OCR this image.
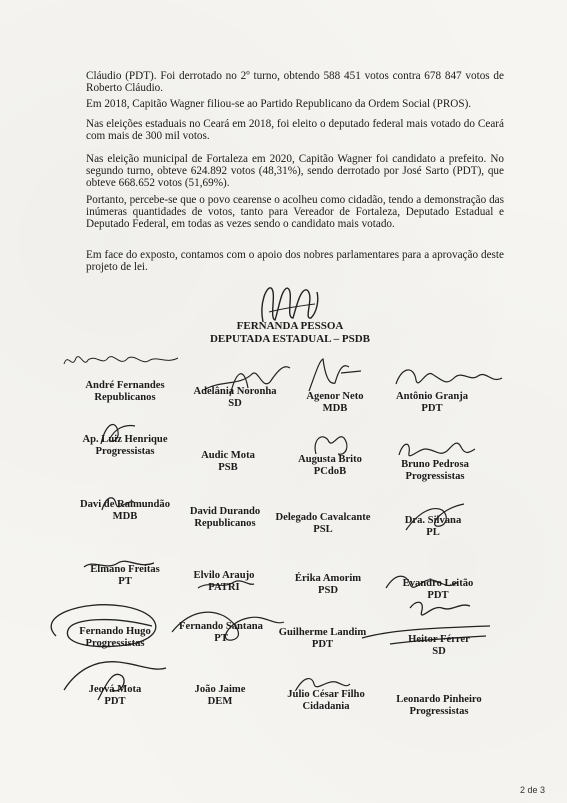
Cláudio (PDT). Foi derrotado no 2º turno, obtendo 588 451 votos contra 678 847 votos de Roberto Cláudio.

Em 2018, Capitão Wagner filiou-se ao Partido Republicano da Ordem Social (PROS).

Nas eleições estaduais no Ceará em 2018, foi eleito o deputado federal mais votado do Ceará com mais de 300 mil votos.

Nas eleição municipal de Fortaleza em 2020, Capitão Wagner foi candidato a prefeito. No segundo turno, obteve 624.892 votos (48,31%), sendo derrotado por José Sarto (PDT), que obteve 668.652 votos (51,69%).

Portanto, percebe-se que o povo cearense o acolheu como cidadão, tendo a demonstração das inúmeras quantidades de votos, tanto para Vereador de Fortaleza, Deputado Estadual e Deputado Federal, em todas as vezes sendo o candidato mais votado.

Em face do exposto, contamos com o apoio dos nobres parlamentares para a aprovação deste projeto de lei.

FERNANDA PESSOA
DEPUTADA ESTADUAL – PSDB
André Fernandes
Republicanos
Adelânia Noronha
SD
Agenor Neto
MDB
Antônio Granja
PDT
Ap. Luiz Henrique
Progressistas	Audic Mota
PSB
Augusta Brito
PCdoB
Bruno Pedrosa
Progressistas
Davi de Raimundão
MDB	David Durando
Republicanos
Delegado Cavalcante
PSL
Dra. Silvana
PL
Elmano Freitas
PT
Elvilo Araujo
PATRI
Érika Amorim
PSD
Evandro Leitão
PDT
Fernando Hugo
Progressistas
Fernando Santana
PT
Guilherme Landim
PDT	Heitor Férrer
SD
Jeová Mota
PDT
João Jaime
DEM
Júlio César Filho
Cidadania
Leonardo Pinheiro
Progressistas
2 de 3
